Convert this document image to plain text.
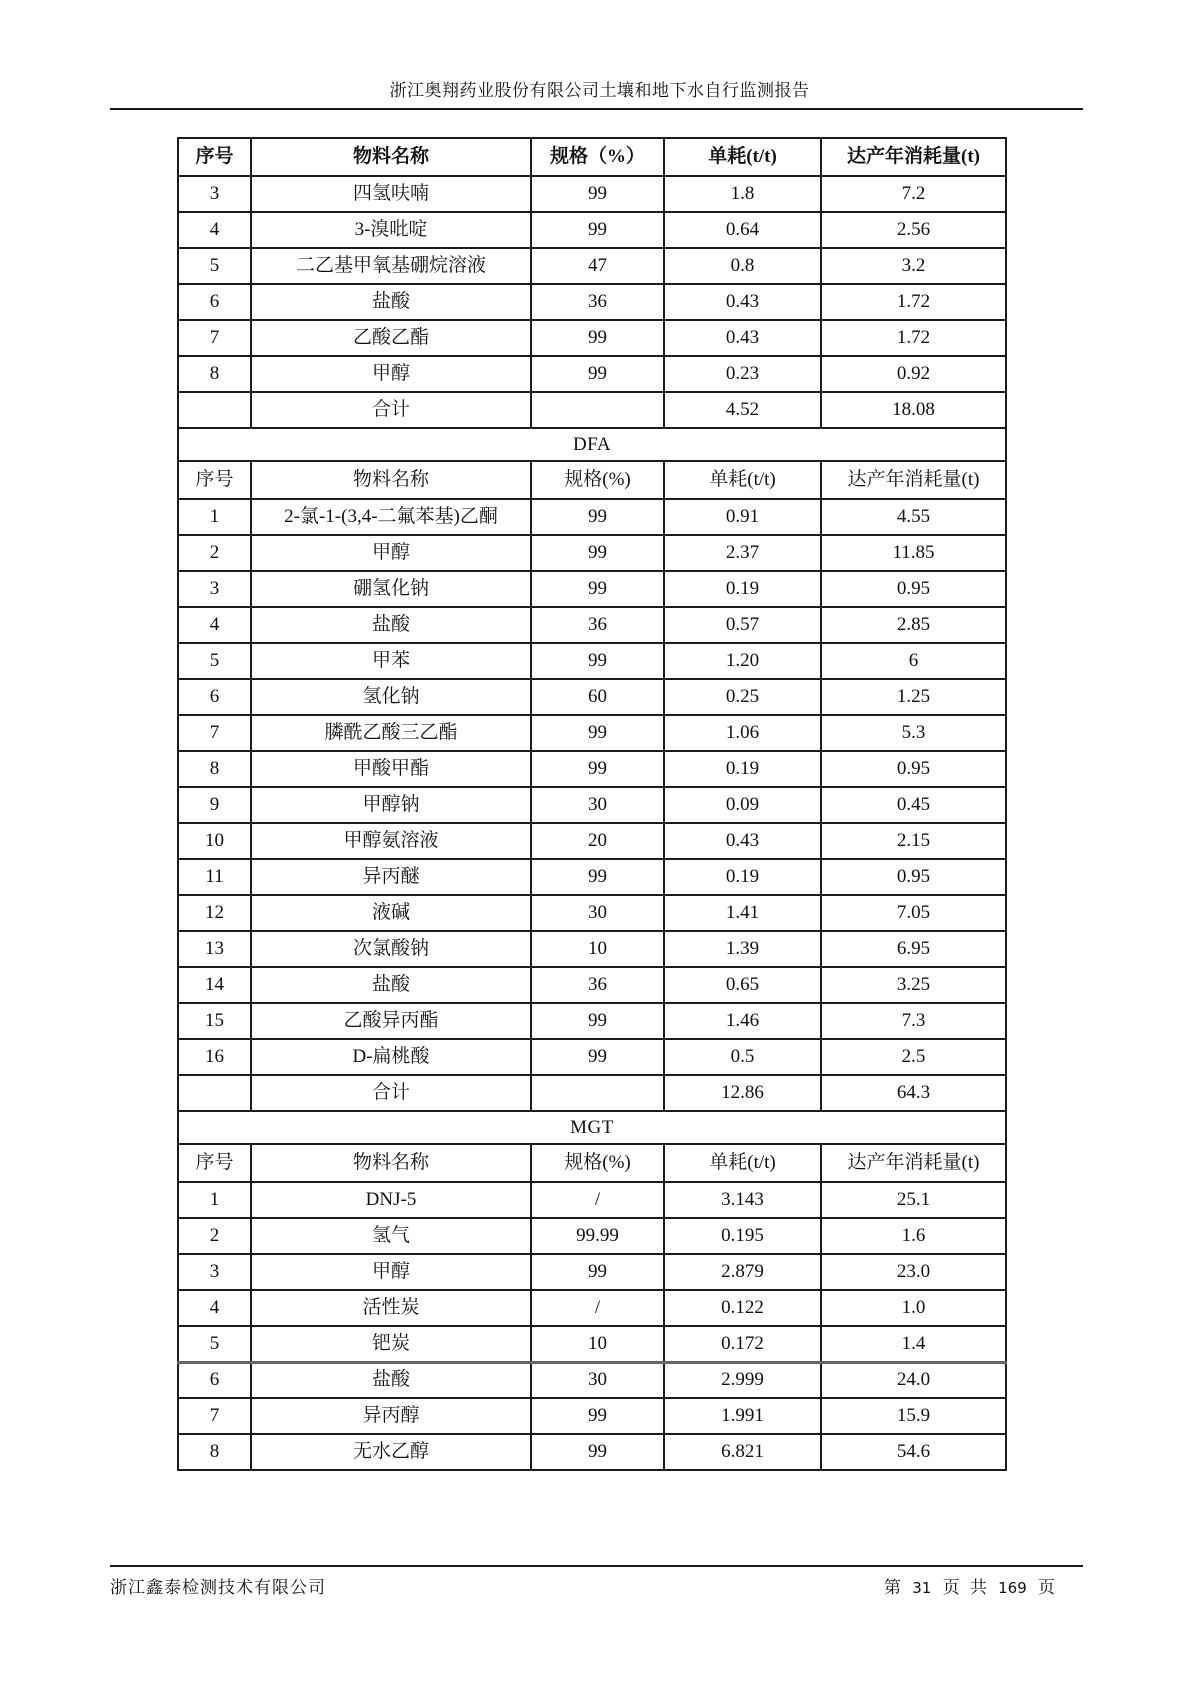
浙江奥翔药业股份有限公司土壤和地下水自行监测报告
序号	物料名称	规格（%）	单耗(t/t)	达产年消耗量(t)
3	四氢呋喃	99	1.8	7.2
4	3-溴吡啶	99	0.64	2.56
5	二乙基甲氧基硼烷溶液	47	0.8	3.2
6	盐酸	36	0.43	1.72
7	乙酸乙酯	99	0.43	1.72
8	甲醇	99	0.23	0.92
	合计		4.52	18.08
DFA				
序号	物料名称	规格(%)	单耗(t/t)	达产年消耗量(t)
1	2-氯-1-(3,4-二氟苯基)乙酮	99	0.91	4.55
2	甲醇	99	2.37	11.85
3	硼氢化钠	99	0.19	0.95
4	盐酸	36	0.57	2.85
5	甲苯	99	1.20	6
6	氢化钠	60	0.25	1.25
7	膦酰乙酸三乙酯	99	1.06	5.3
8	甲酸甲酯	99	0.19	0.95
9	甲醇钠	30	0.09	0.45
10	甲醇氨溶液	20	0.43	2.15
11	异丙醚	99	0.19	0.95
12	液碱	30	1.41	7.05
13	次氯酸钠	10	1.39	6.95
14	盐酸	36	0.65	3.25
15	乙酸异丙酯	99	1.46	7.3
16	D-扁桃酸	99	0.5	2.5
	合计		12.86	64.3
MGT				
序号	物料名称	规格(%)	单耗(t/t)	达产年消耗量(t)
1	DNJ-5	/	3.143	25.1
2	氢气	99.99	0.195	1.6
3	甲醇	99	2.879	23.0
4	活性炭	/	0.122	1.0
5	钯炭	10	0.172	1.4
6	盐酸	30	2.999	24.0
7	异丙醇	99	1.991	15.9
8	无水乙醇	99	6.821	54.6
浙江鑫泰检测技术有限公司	第 31 页 共 169 页
